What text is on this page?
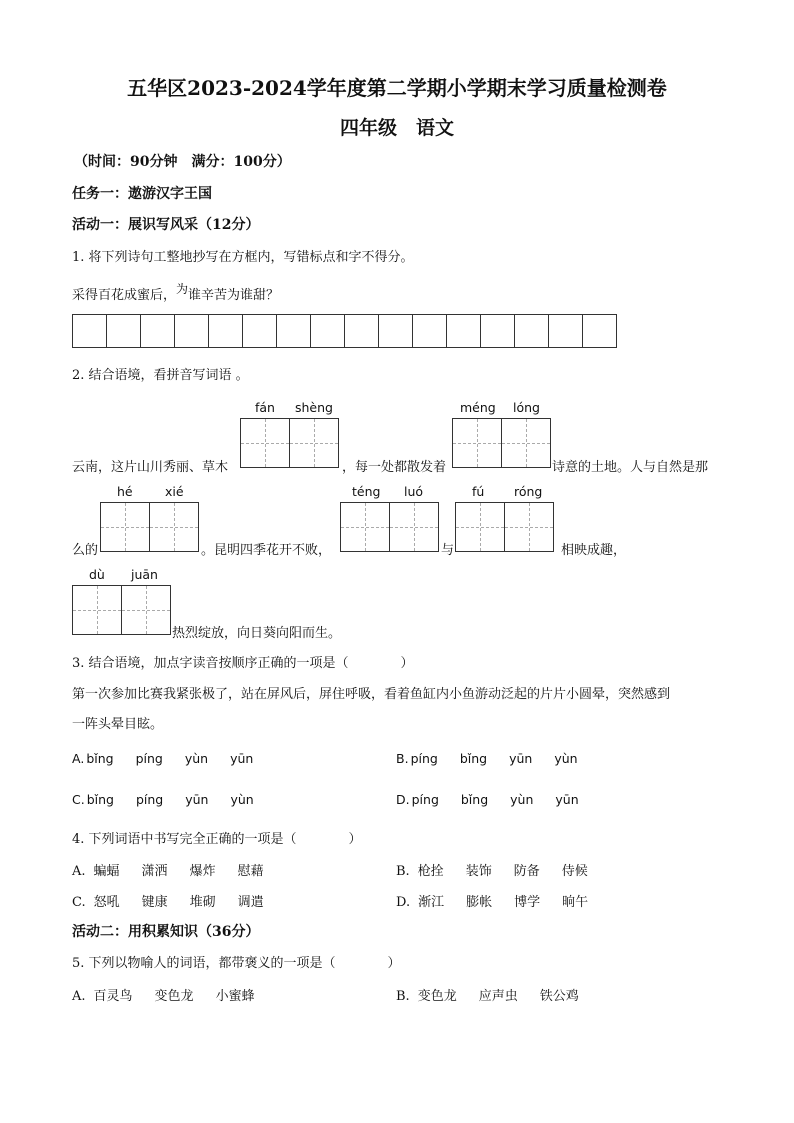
五华区2023-2024学年度第二学期小学期末学习质量检测卷
四年级　语文
（时间：90分钟　满分：100分）
任务一：遨游汉字王国
活动一：展识写风采（12分）
1. 将下列诗句工整地抄写在方框内，写错标点和字不得分。
采得百花成蜜后，为谁辛苦为谁甜？
2. 结合语境，看拼音写词语 。
fán shèng	méng lóng
云南，这片山川秀丽、草木	，每一处都散发着	诗意的土地。人与自然是那
hé	xié	téng luó	fú róng
么的	。昆明四季花开不败，	与	相映成趣，
dù juān
热烈绽放，向日葵向阳而生。
3. 结合语境，加点字读音按顺序正确的一项是（　　　　）
第一次参加比赛我紧张极了，站在屏风后，屏住呼吸，看着鱼缸内小鱼游动泛起的片片小圆晕，突然感到
一阵头晕目眩。
A. bǐng píng yùn yūn	B. píng bǐng yūn yùn
C. bǐng píng yūn yùn	D. píng bǐng yùn yūn
4. 下列词语中书写完全正确的一项是（　　　　）
A. 蝙蝠 潇洒 爆炸 慰藉	B. 枪拴 装饰 防备 侍候
C. 怒吼 键康 堆砌 调遣	D. 渐江 膨帐 博学 晌午
活动二：用积累知识（36分）
5. 下列以物喻人的词语，都带褒义的一项是（　　　　）
A. 百灵鸟 变色龙 小蜜蜂	B. 变色龙 应声虫 铁公鸡
